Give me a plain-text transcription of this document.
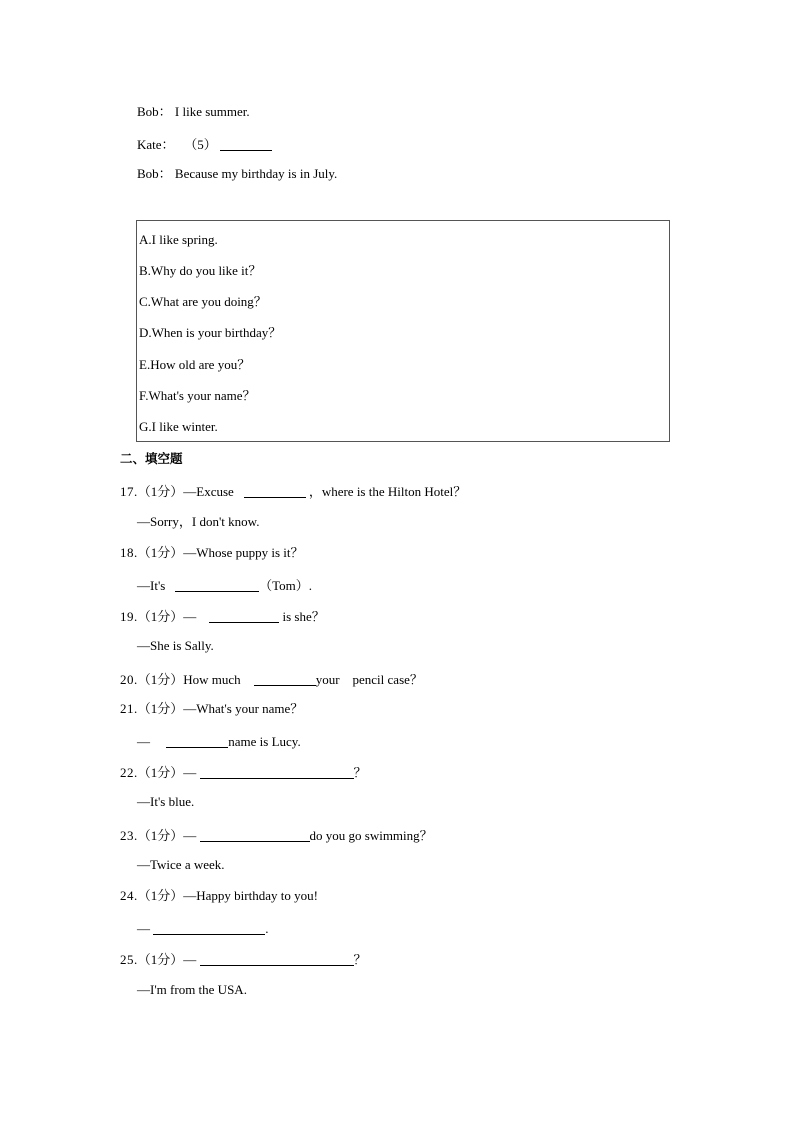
Bob： I like summer.
Kate： （5）
Bob： Because my birthday is in July.
A.I like spring.
B.Why do you like it？
C.What are you doing？
D.When is your birthday？
E.How old are you？
F.What's your name？
G.I like winter.
二、填空题
17.（1分）—Excuse	，where is the Hilton Hotel？
—Sorry，I don't know.
18.（1分）—Whose puppy is it？
—It's	（Tom）.
19.（1分）—	is she？
—She is Sally.
20.（1分）How much	your    pencil case？
21.（1分）—What's your name？
—	name is Lucy.
22.（1分）—	？
—It's blue.
23.（1分）—	do you go swimming？
—Twice a week.
24.（1分）—Happy birthday to you!
—	.
25.（1分）—	？
—I'm from the USA.
